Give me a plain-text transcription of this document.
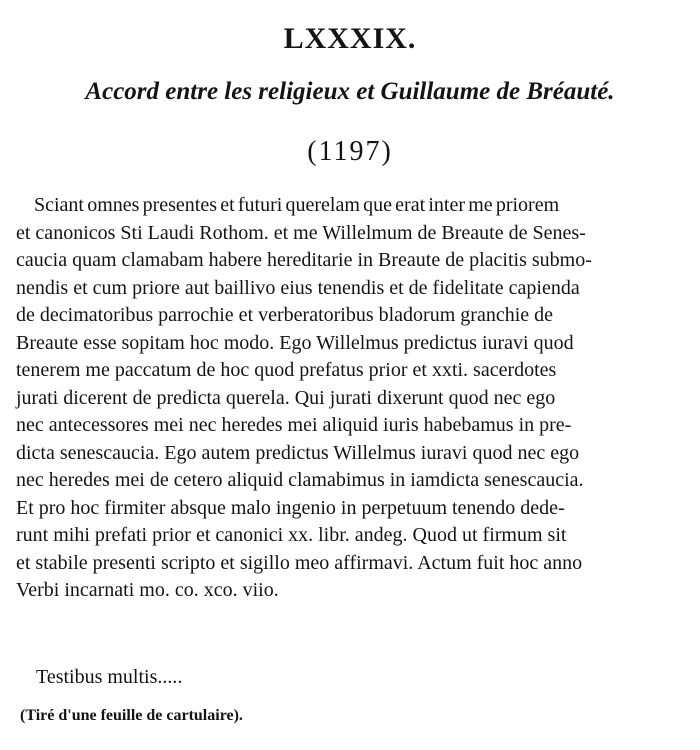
LXXXIX.
Accord entre les religieux et Guillaume de Bréauté.
(1197)
Sciant omnes presentes et futuri querelam que erat inter me priorem
et canonicos Sti Laudi Rothom. et me Willelmum de Breaute de Senes-
caucia quam clamabam habere hereditarie in Breaute de placitis submo-
nendis et cum priore aut baillivo eius tenendis et de fidelitate capienda
de decimatoribus parrochie et verberatoribus bladorum granchie de
Breaute esse sopitam hoc modo. Ego Willelmus predictus iuravi quod
tenerem me paccatum de hoc quod prefatus prior et xxti. sacerdotes
jurati dicerent de predicta querela. Qui jurati dixerunt quod nec ego
nec antecessores mei nec heredes mei aliquid iuris habebamus in pre-
dicta senescaucia. Ego autem predictus Willelmus iuravi quod nec ego
nec heredes mei de cetero aliquid clamabimus in iamdicta senescaucia.
Et pro hoc firmiter absque malo ingenio in perpetuum tenendo dede-
runt mihi prefati prior et canonici xx. libr. andeg. Quod ut firmum sit
et stabile presenti scripto et sigillo meo affirmavi. Actum fuit hoc anno
Verbi incarnati mo. co. xco. viio.
Testibus multis.....
(Tiré d'une feuille de cartulaire).
